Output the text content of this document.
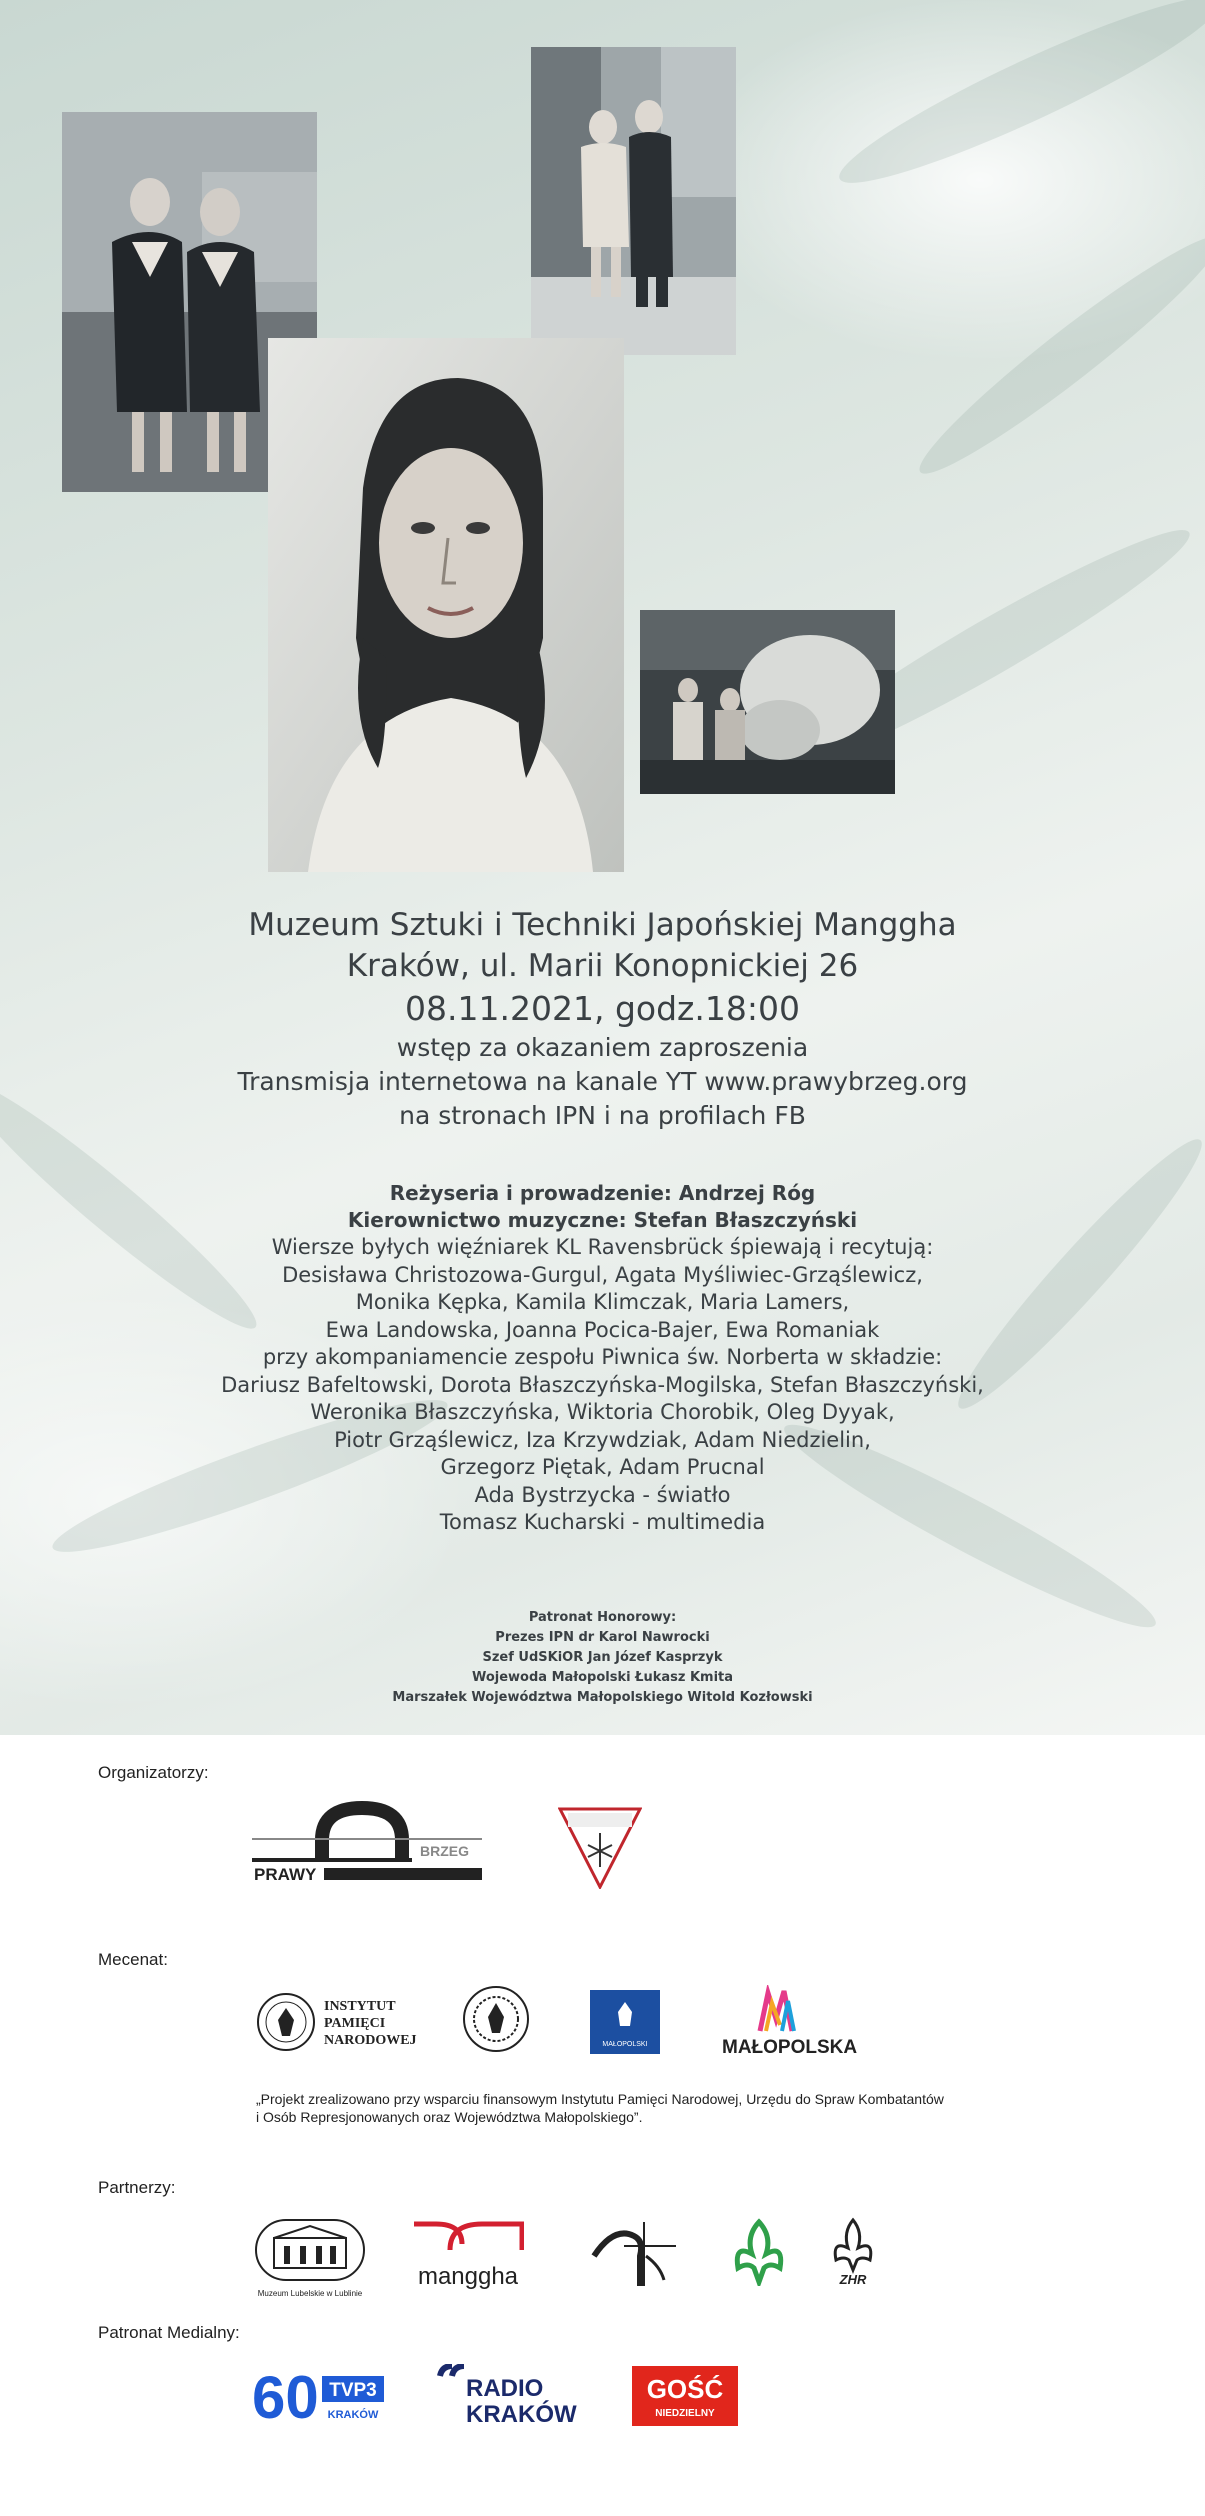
Muzeum Sztuki i Techniki Japońskiej Manggha
Kraków, ul. Marii Konopnickiej 26
08.11.2021, godz.18:00
wstęp za okazaniem zaproszenia
Transmisja internetowa na kanale YT www.prawybrzeg.org
na stronach IPN i na profilach FB
Reżyseria i prowadzenie: Andrzej Róg
Kierownictwo muzyczne: Stefan Błaszczyński
Wiersze byłych więźniarek KL Ravensbrück śpiewają i recytują:
Desisława Christozowa-Gurgul, Agata Myśliwiec-Grząślewicz,
Monika Kępka, Kamila Klimczak, Maria Lamers,
Ewa Landowska, Joanna Pocica-Bajer, Ewa Romaniak
przy akompaniamencie zespołu Piwnica św. Norberta w składzie:
Dariusz Bafeltowski, Dorota Błaszczyńska-Mogilska, Stefan Błaszczyński,
Weronika Błaszczyńska, Wiktoria Chorobik, Oleg Dyyak,
Piotr Grząślewicz, Iza Krzywdziak, Adam Niedzielin,
Grzegorz Piętak, Adam Prucnal
Ada Bystrzycka - światło
Tomasz Kucharski - multimedia
Patronat Honorowy:
Prezes IPN dr Karol Nawrocki
Szef UdSKiOR Jan Józef Kasprzyk
Wojewoda Małopolski Łukasz Kmita
Marszałek Województwa Małopolskiego Witold Kozłowski
Organizatorzy:
PRAWY
BRZEG
Mecenat:
INSTYTUT
PAMIĘCI
NARODOWEJ	MAŁOPOLSKI	MAŁOPOLSKA
„Projekt zrealizowano przy wsparciu finansowym Instytutu Pamięci Narodowej, Urzędu do Spraw Kombatantów
i Osób Represjonowanych oraz Województwa Małopolskiego”.
Partnerzy:
Muzeum Lubelskie w Lublinie
manggha	ZHR
Patronat Medialny:
60 TVP3
KRAKÓW
RADIO
KRAKÓW
GOŚĆ
NIEDZIELNY
